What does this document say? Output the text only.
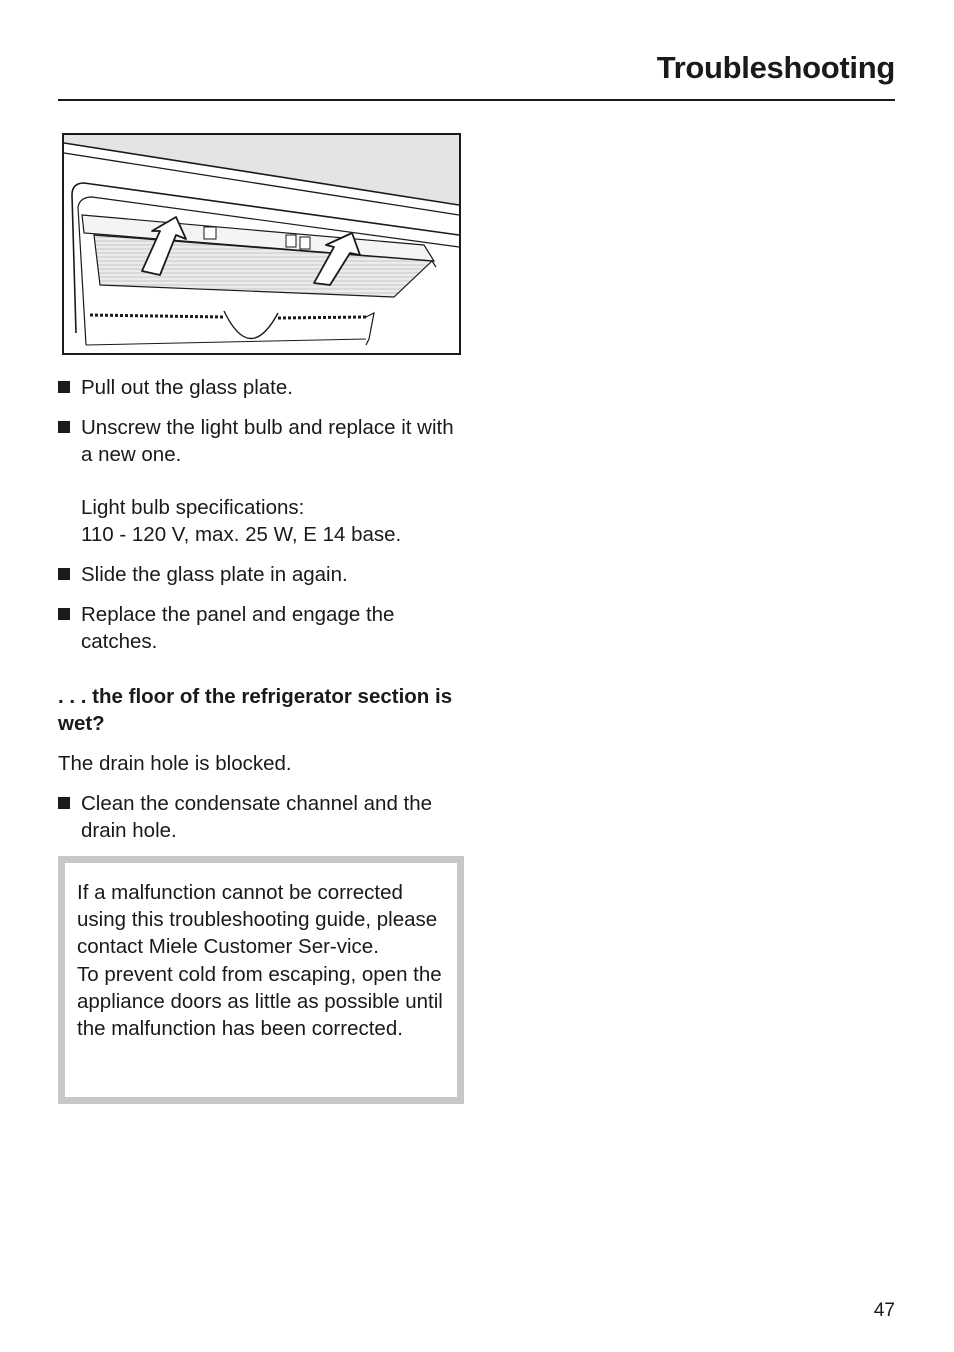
Troubleshooting
Pull out the glass plate.
Unscrew the light bulb and replace it with a new one.
Light bulb specifications:
110 - 120 V, max. 25 W, E 14 base.
Slide the glass plate in again.
Replace the panel and engage the catches.
. . . the floor of the refrigerator section is wet?
The drain hole is blocked.
Clean the condensate channel and the drain hole.
If a malfunction cannot be corrected using this troubleshooting guide, please contact Miele Customer Ser-vice.
To prevent cold from escaping, open the appliance doors as little as possible until the malfunction has been corrected.
47
